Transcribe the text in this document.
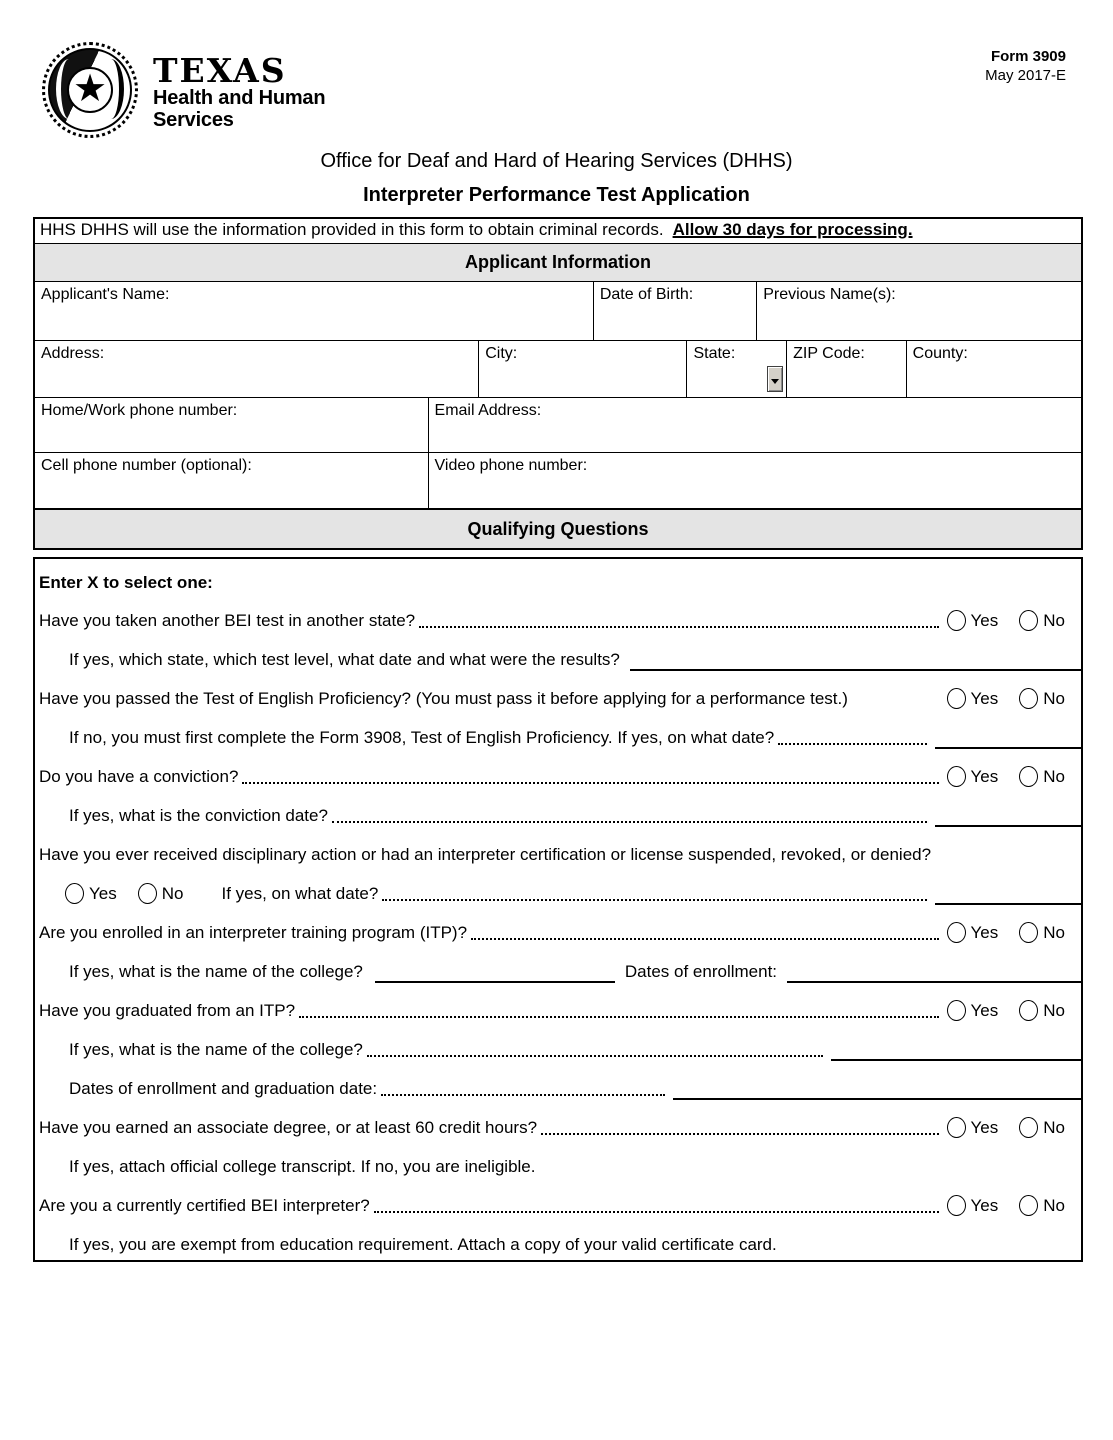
★ TEXAS
Health and Human
Services
Form 3909
May 2017-E
Office for Deaf and Hard of Hearing Services (DHHS)
Interpreter Performance Test Application
HHS DHHS will use the information provided in this form to obtain criminal records. Allow 30 days for processing.
Applicant Information
Applicant's Name:	Date of Birth:	Previous Name(s):
Address:	City:	State:	ZIP Code:	County:
Home/Work phone number:	Email Address:
Cell phone number (optional):	Video phone number:
Qualifying Questions
Enter X to select one:
Have you taken another BEI test in another state?	Yes	No
If yes, which state, which test level, what date and what were the results?
Have you passed the Test of English Proficiency? (You must pass it before applying for a performance test.)	Yes	No
If no, you must first complete the Form 3908, Test of English Proficiency. If yes, on what date?
Do you have a conviction?	Yes	No
If yes, what is the conviction date?
Have you ever received disciplinary action or had an interpreter certification or license suspended, revoked, or denied?
Yes	No If yes, on what date?
Are you enrolled in an interpreter training program (ITP)?	Yes	No
If yes, what is the name of the college?	Dates of enrollment:
Have you graduated from an ITP?	Yes	No
If yes, what is the name of the college?
Dates of enrollment and graduation date:
Have you earned an associate degree, or at least 60 credit hours?	Yes	No
If yes, attach official college transcript. If no, you are ineligible.
Are you a currently certified BEI interpreter?	Yes	No
If yes, you are exempt from education requirement. Attach a copy of your valid certificate card.
